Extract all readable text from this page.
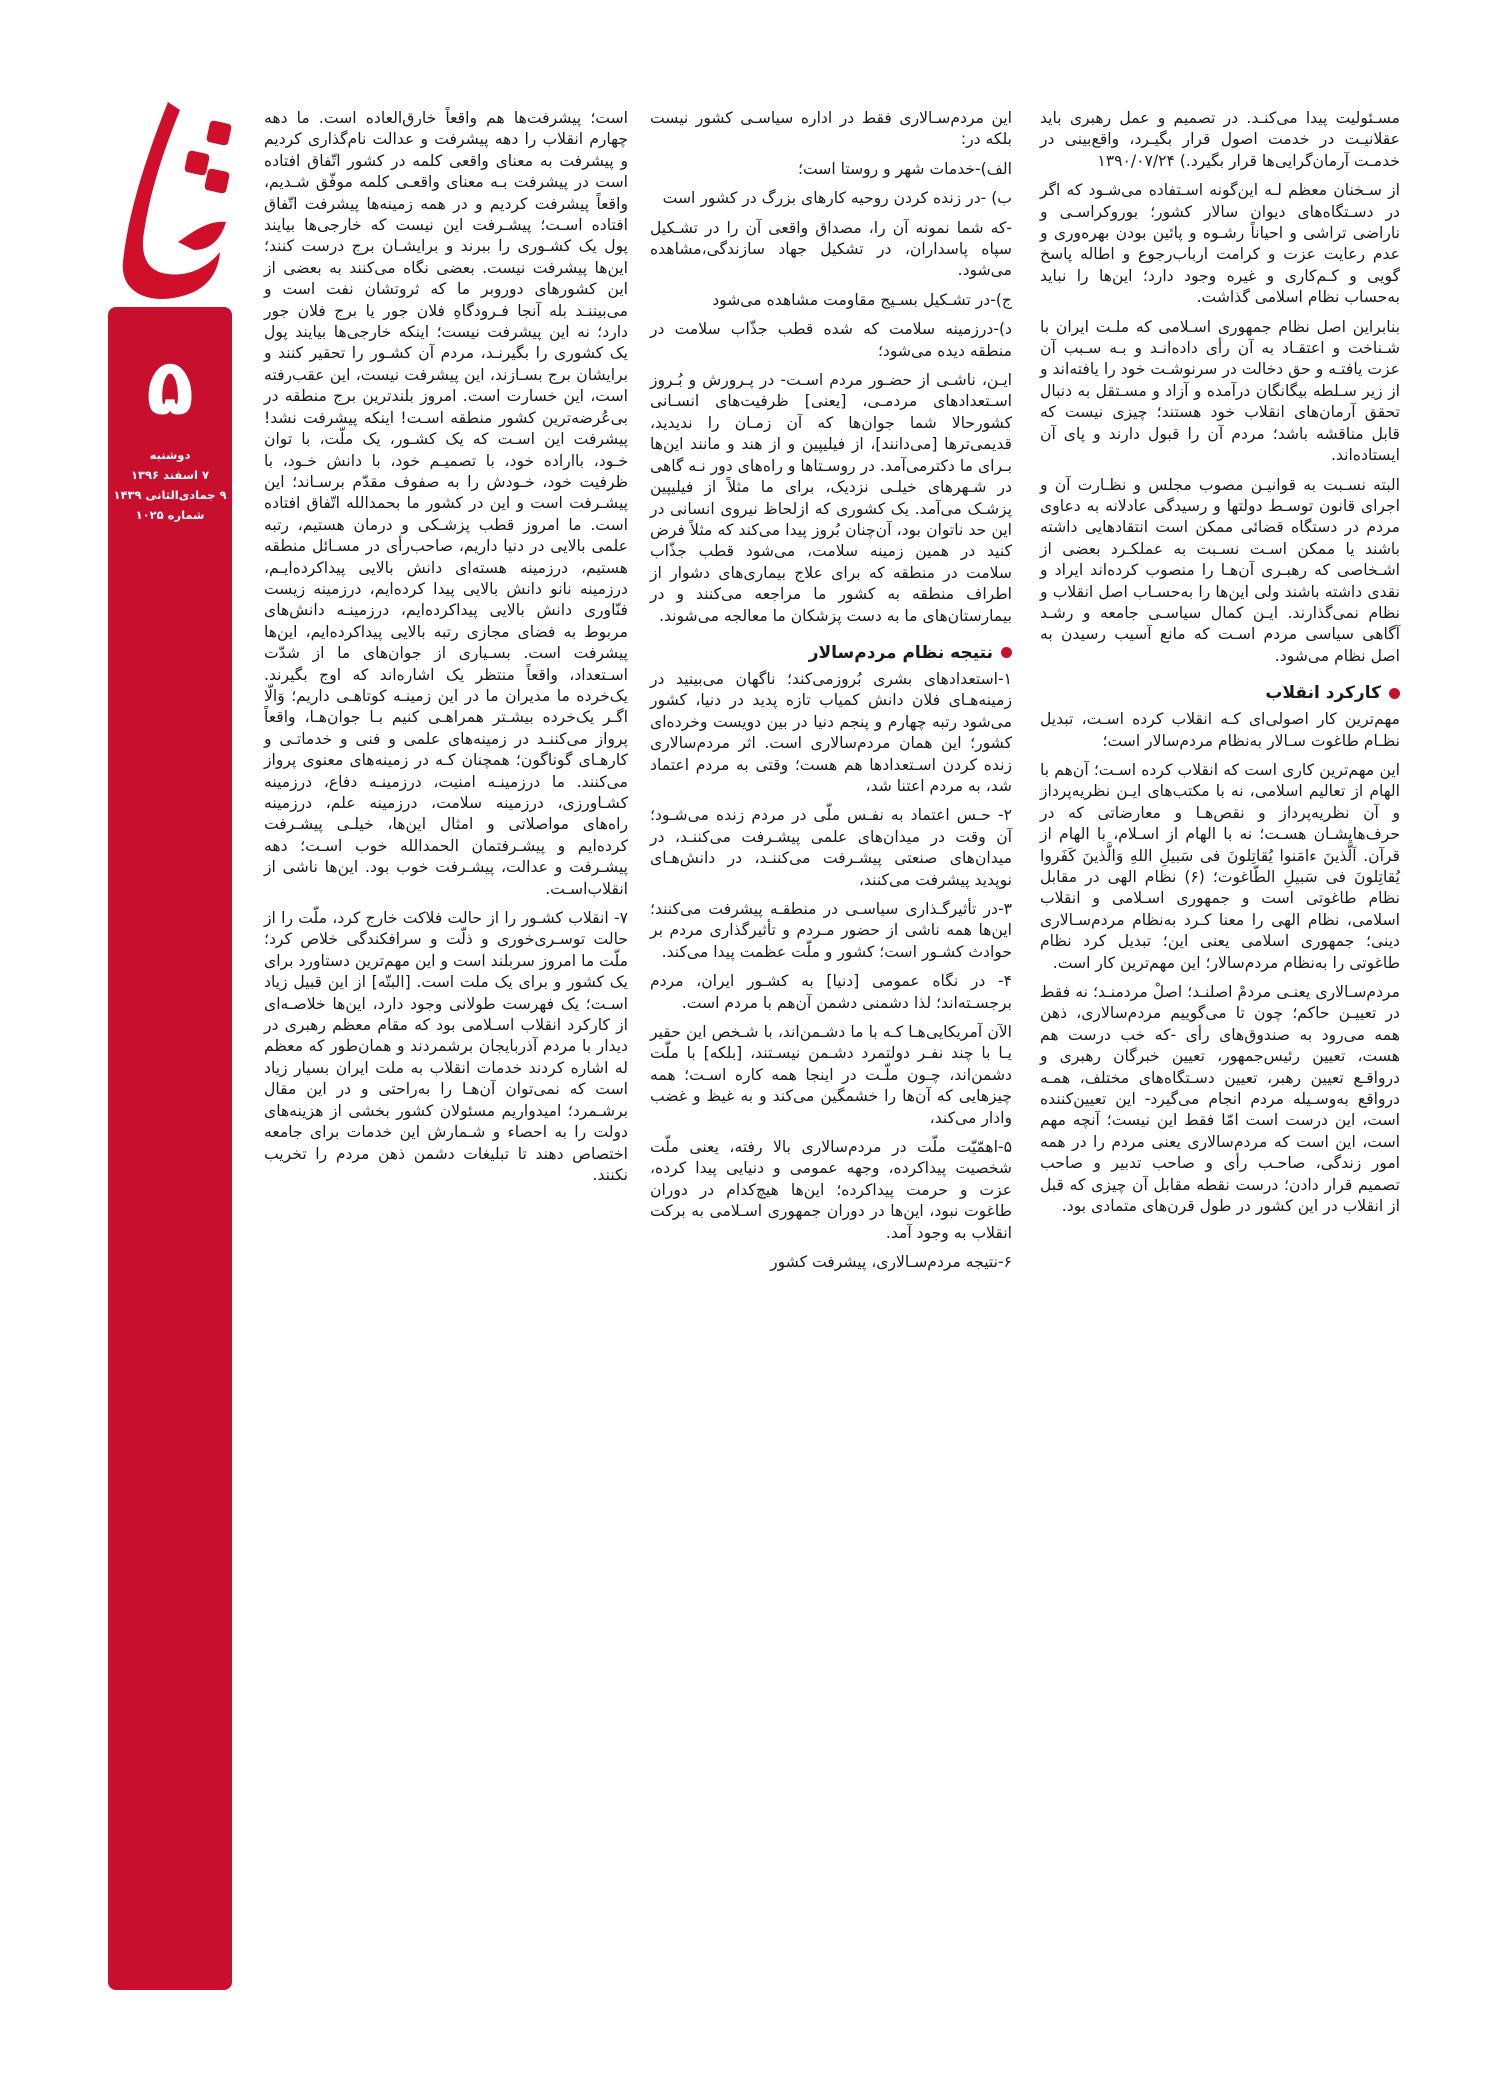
۵
دوشنبه
۷ اسفند ۱۳۹۶
۹ جمادی‌الثانی ۱۴۳۹
شماره ۱۰۲۵

مسـئولیت پیدا می‌کنـد. در تصمیم و عمل رهبری باید عقلانیـت در خدمت اصول قرار بگیـرد، واقع‌بینی در خدمـت آرمان‌گرایی‌ها قرار بگیرد.) ۱۳۹۰/۰۷/۲۴

از سـخنان معظم لـه این‌گونه اسـتفاده می‌شـود که اگر در دسـتگاه‌های دیوان سالار کشور؛ بوروکراسـی و ناراضی تراشی و احیاناً رشـوه و پائین بودن بهره‌وری و عدم رعایت عزت و کرامت ارباب‌رجوع و اطاله پاسخ گویی و کـم‌کاری و غیره وجود دارد؛ این‌ها را نباید به‌حساب نظام اسلامی گذاشت.

بنابراین اصل نظام جمهوری اسـلامی که ملـت ایران با شـناخت و اعتقـاد به آن رأی داده‌انـد و بـه سـبب آن عزت یافتـه و حق دخالت در سرنوشـت خود را یافته‌اند و از زیر سـلطه بیگانگان درآمده و آزاد و مسـتقل به دنبال تحقق آرمان‌های انقلاب خود هستند؛ چیزی نیست که قابل مناقشه باشد؛ مردم آن را قبول دارند و پای آن ایستاده‌اند.

البته نسـبت به قوانیـن مصوب مجلس و نظـارت آن و اجرای قانون توسـط دولتها و رسیدگی عادلانه به دعاوی مردم در دستگاه قضائی ممکن است انتقادهایی داشته باشند یا ممکن اسـت نسـبت به عملکـرد بعضی از اشـخاصی که رهبـری آن‌هـا را منصوب کرده‌اند ایراد و نقدی داشته باشند ولی این‌ها را به‌حسـاب اصل انقلاب و نظام نمی‌گذارند. ایـن کمال سیاسـی جامعه و رشـد آگاهی سیاسی مردم اسـت که مانع آسیب رسیدن به اصل نظام می‌شود.

کارکرد انقلاب

مهم‌ترین کار اصولی‌ای کـه انقلاب کرده اسـت، تبدیل نظـام طاغوت سـالار به‌نظام مردم‌سالار است؛

این مهم‌ترین کاری است که انقلاب کرده اسـت؛ آن‌هم با الهام از تعالیم اسلامی، نه با مکتب‌های ایـن نظریه‌پرداز و آن نظریه‌پرداز و نقص‌هـا و معارضاتی که در حرف‌هایشـان هسـت؛ نه با الهام از اسـلام، با الهام از قرآن. اَلَّذینَ ءامَنوا یُقاتِلونَ فی سَبیلِ اللهِ وَالَّذینَ کَفَروا یُقاتِلونَ فی سَبیلِ الطّاغوت؛ (۶) نظام الهی در مقابل نظام طاغوتی است و جمهوری اسـلامی و انقلاب اسلامی، نظام الهی را معنا کـرد به‌نظام مردم‌سـالاری دینی؛ جمهوری اسلامی یعنی این؛ تبدیل کرد نظام طاغوتی را به‌نظام مردم‌سالار؛ این مهم‌ترین کار است.

مردم‌سـالاری یعنـی مردمْ اصلنـد؛ اصلْ مردمنـد؛ نه فقط در تعییـن حاکم؛ چون تا می‌گوییم مردم‌سالاری، ذهن همه می‌رود به صندوق‌های رأی -که خب درست هم هست، تعیین رئیس‌جمهور، تعیین خبرگان رهبری و درواقـع تعیین رهبر، تعیین دسـتگاه‌های مختلف، همـه درواقع به‌وسـیله مردم انجام می‌گیرد- این تعیین‌کننده است، این درست است امّا فقط این نیست؛ آنچه مهم است، این است که مردم‌سالاری یعنی مردم را در همه امور زندگی، صاحـب رأی و صاحب تدبیر و صاحب تصمیم قرار دادن؛ درست نقطه مقابل آن چیزی که قبل از انقلاب در این کشور در طول قرن‌های متمادی بود.

این مردم‌سـالاری فقط در اداره سیاسـی کشور نیست بلکه در:

الف)-خدمات شهر و روستا است؛

ب) -در زنده کردن روحیه کارهای بزرگ در کشور است

-که شما نمونه آن را، مصداق واقعی آن را در تشـکیل سپاه پاسداران، در تشکیل جهاد سازندگی،مشاهده می‌شود.

ج)-در تشـکیل بسـیج مقاومت مشاهده می‌شود

د)-درزمینه سلامت که شده قطب جذّاب سلامت در منطقه دیده می‌شود؛

ایـن، ناشـی از حضـور مردم اسـت- در پـرورش و بُـروز اسـتعدادهای مردمـی، [یعنی] ظرفیت‌های انسـانی کشورحالا شما جوان‌ها که آن زمـان را ندیدید، قدیمی‌ترها [می‌دانند]، از فیلیپین و از هند و مانند این‌ها بـرای ما دکترمی‌آمد. در روسـتاها و راه‌های دور نـه گاهی در شـهرهای خیلـی نزدیک، برای ما مثلاً از فیلیپین پزشـک می‌آمد. یک کشوری که ازلحاظ نیروی انسانی در این حد ناتوان بود، آن‌چنان بُروز پیدا می‌کند که مثلاً فرض کنید در همین زمینه سلامت، می‌شود قطب جذّاب سلامت در منطقه که برای علاج بیماری‌های دشوار از اطراف منطقه به کشور ما مراجعه می‌کنند و در بیمارستان‌های ما به دست پزشکان ما معالجه می‌شوند.

نتیجه نظام مردم‌سالار

۱-استعدادهای بشری بُروزمی‌کند؛ ناگهان می‌بینید در زمینه‌هـای فلان دانش کمیاب تازه پدید در دنیا، کشور می‌شود رتبه چهارم و پنجم دنیا در بین دویست وخرده‌ای کشور؛ این همان مردم‌سالاری است. اثر مردم‌سالاری زنده کردن اسـتعدادها هم هست؛ وقتی به مردم اعتماد شد، به مردم اعتنا شد،

۲- حـس اعتماد به نفـس ملّی در مردم زنده می‌شـود؛ آن وقت در میدان‌های علمی پیشـرفت می‌کننـد، در میدان‌های صنعتی پیشـرفت می‌کننـد، در دانش‌هـای نوپدید پیشرفت می‌کنند،

۳-در تأثیرگـذاری سیاسـی در منطقـه پیشرفت می‌کنند؛ این‌ها همه ناشی از حضور مـردم و تأثیرگذاری مردم بر حوادث کشـور است؛ کشور و ملّت عظمت پیدا می‌کند.

۴- در نگاه عمومی [دنیا] به کشـور ایران، مردم برجسـته‌اند؛ لذا دشمنی دشمن آن‌هم با مردم است.

الآن آمریکایی‌هـا کـه با ما دشـمن‌اند، با شـخص این حقیر یـا با چند نفـر دولتمرد دشـمن نیسـتند، [بلکه] با ملّت دشمن‌اند، چـون ملّـت در اینجا همه کاره اسـت؛ همه چیزهایی که آن‌ها را خشمگین می‌کند و به غیظ و غضب وادار می‌کند،

۵-اهمّیّت ملّت در مردم‌سالاری بالا رفته، یعنی ملّت شخصیت پیداکرده، وجهه عمومی و دنیایی پیدا کرده، عزت و حرمت پیداکرده؛ این‌ها هیچ‌کدام در دوران طاغوت نبود، این‌ها در دوران جمهوری اسـلامی به برکت انقلاب به وجود آمد.

۶-نتیجه مردم‌سـالاری، پیشرفت کشور

است؛ پیشرفت‌ها هم واقعاً خارق‌العاده است. ما دهه چهارم انقلاب را دهه پیشرفت و عدالت نام‌گذاری کردیم و پیشرفت به معنای واقعی کلمه در کشور اتّفاق افتاده است در پیشرفت بـه معنای واقعـی کلمه موفّق شـدیم، واقعاً پیشرفت کردیم و در همه زمینه‌ها پیشرفت اتّفاق افتاده اسـت؛ پیشـرفت این نیست که خارجی‌ها بیایند پول یک کشـوری را ببرند و برایشـان برج درست کنند؛ این‌ها پیشرفت نیست. بعضی نگاه می‌کنند به بعضی از این کشورهای دوروبر ما که ثروتشان نفت است و می‌بیننـد بله آنجا فـرودگاهِ فلان جور یا برج فلان جور دارد؛ نه این پیشرفت نیست؛ اینکه خارجی‌ها بیایند پول یک کشوری را بگیرنـد، مردم آن کشـور را تحقیر کنند و برایشان برج بسـازند، این پیشرفت نیست، این عقب‌رفته است، این خسارت است. امروز بلندترین برج منطقه در بی‌عُرضه‌ترین کشور منطقه اسـت! اینکه پیشرفت نشد! پیشرفت این اسـت که یک کشـور، یک ملّت، با توان خـود، بااراده خود، با تصمیـم خود، با دانش خـود، با ظرفیت خود، خـودش را به صفوف مقدّم برسـاند؛ این پیشـرفت است و این در کشور ما بحمدالله اتّفاق افتاده است. ما امروز قطب پزشـکی و درمان هستیم، رتبه علمی بالایی در دنیا داریم، صاحب‌رأی در مسـائل منطقه هستیم، درزمینه هسته‌ای دانش بالایی پیداکرده‌ایـم، درزمینه نانو دانش بالایی پیدا کرده‌ایم، درزمینه زیست فنّاوری دانش بالایی پیداکرده‌ایم، درزمینـه دانش‌های مربوط به فضای مجازی رتبه بالایی پیداکرده‌ایم، این‌ها پیشرفت است. بسـیاری از جوان‌های ما از شدّت اسـتعداد، واقعاً منتظر یک اشاره‌اند که اوج بگیرند. یک‌خرده ما مدیران ما در این زمینـه کوتاهـی داریم؛ وَالّا اگـر یک‌خرده بیشـتر همراهـی کنیم بـا جوان‌هـا، واقعاً پرواز می‌کننـد در زمینه‌های علمی و فنی و خدماتـی و کارهـای گوناگون؛ همچنان کـه در زمینه‌های معنوی پرواز می‌کنند. ما درزمینـه امنیت، درزمینـه دفاع، درزمینه کشـاورزی، درزمینه سلامت، درزمینه علم، درزمینه راه‌های مواصلاتی و امثال این‌ها، خیلـی پیشـرفت کرده‌ایم و پیشـرفتمان الحمدالله خوب اسـت؛ دهه پیشـرفت و عدالت، پیشـرفت خوب بود. این‌ها ناشی از انقلاب‌اسـت.

۷- انقلاب کشـور را از حالت فلاکت خارج کرد، ملّت را از حالت توسـری‌خوری و ذلّت و سرافکندگی خلاص کرد؛ ملّت ما امروز سربلند است و این مهم‌ترین دستاورد برای یک کشور و برای یک ملت است. [البتّه] از این قبیل زیاد اسـت؛ یک فهرست طولانی وجود دارد، این‌ها خلاصـه‌ای از کارکرد انقلاب اسـلامی بود که مقام معظم رهبری در دیدار با مردم آذربایجان برشمردند و همان‌طور که معظم له اشاره کردند خدمات انقلاب به ملت ایران بسیار زیاد است که نمی‌توان آن‌هـا را به‌راحتی و در این مقال برشـمرد؛ امیدواریم مسئولان کشور بخشی از هزینه‌های دولت را به احصاء و شـمارش این خدمات برای جامعه اختصاص دهند تا تبلیغات دشمن ذهن مردم را تخریب نکنند.
